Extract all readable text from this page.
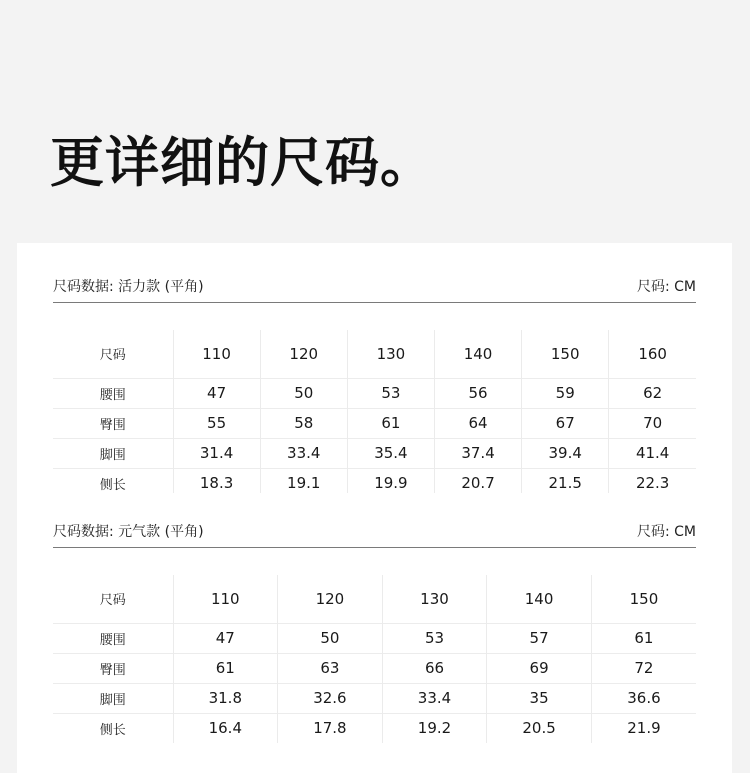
更详细的尺码。
尺码数据: 活力款 (平角)	尺码: CM
尺码	110	120	130	140	150	160
腰围	47	50	53	56	59	62
臀围	55	58	61	64	67	70
脚围	31.4	33.4	35.4	37.4	39.4	41.4
侧长	18.3	19.1	19.9	20.7	21.5	22.3
尺码数据: 元气款 (平角)	尺码: CM
尺码	110	120	130	140	150
腰围	47	50	53	57	61
臀围	61	63	66	69	72
脚围	31.8	32.6	33.4	35	36.6
侧长	16.4	17.8	19.2	20.5	21.9
